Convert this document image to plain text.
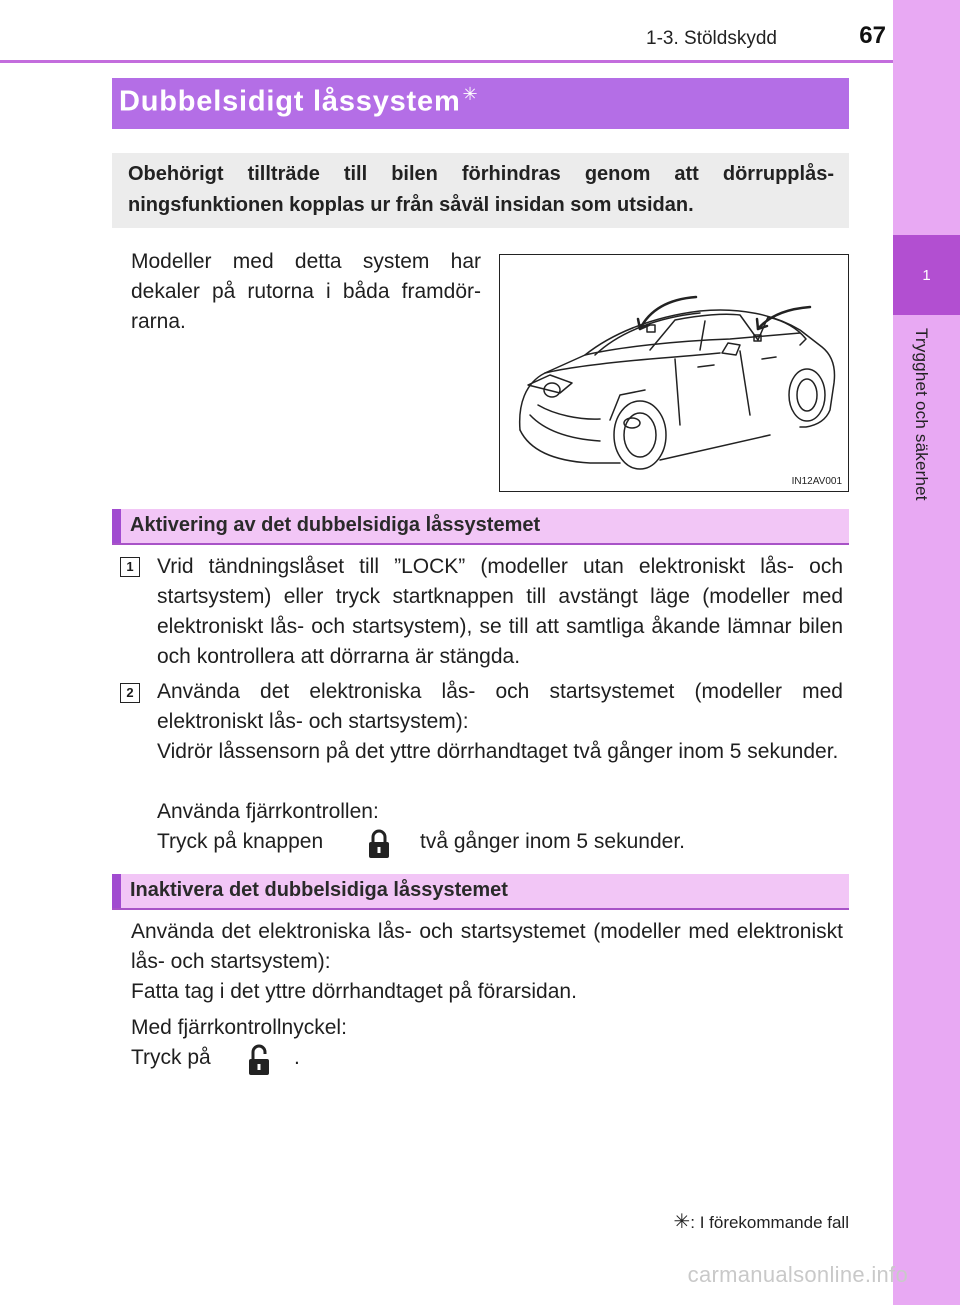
1-3. Stöldskydd	67
1
Trygghet och säkerhet
Dubbelsidigt låssystem ✳
Obehörigt tillträde till bilen förhindras genom att dörrupplåsningsfunktionen kopplas ur från såväl insidan som utsidan.
Modeller med detta system har dekaler på rutorna i båda framdörrarna.
IN12AV001
Aktivering av det dubbelsidiga låssystemet
1	Vrid tändningslåset till ”LOCK” (modeller utan elektroniskt lås- och startsystem) eller tryck startknappen till avstängt läge (modeller med elektroniskt lås- och startsystem), se till att samtliga åkande lämnar bilen och kontrollera att dörrarna är stängda.
2	Använda det elektroniska lås- och startsystemet (modeller med elektroniskt lås- och startsystem):
Vidrör låssensorn på det yttre dörrhandtaget två gånger inom 5 sekunder.
Använda fjärrkontrollen:
Tryck på knappen	två gånger inom 5 sekunder.
Inaktivera det dubbelsidiga låssystemet
Använda det elektroniska lås- och startsystemet (modeller med elektroniskt lås- och startsystem):
Fatta tag i det yttre dörrhandtaget på förarsidan.
Med fjärrkontrollnyckel:
Tryck på	.
✳: I förekommande fall
carmanualsonline.info
